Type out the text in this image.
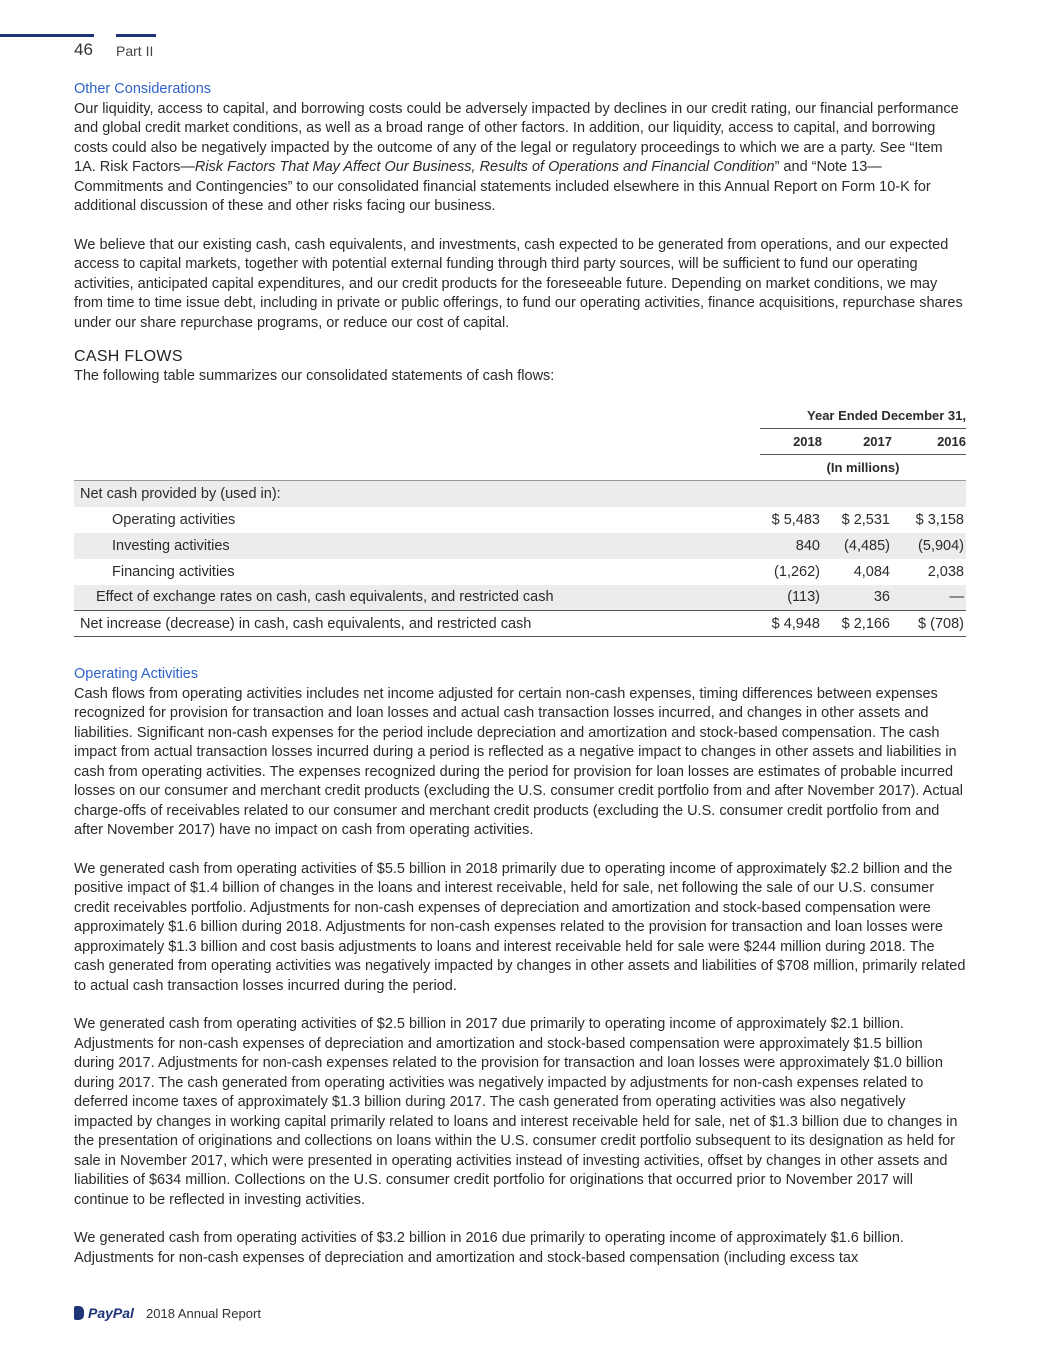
46 Part II
Other Considerations

Our liquidity, access to capital, and borrowing costs could be adversely impacted by declines in our credit rating, our financial performance and global credit market conditions, as well as a broad range of other factors. In addition, our liquidity, access to capital, and borrowing costs could also be negatively impacted by the outcome of any of the legal or regulatory proceedings to which we are a party. See “Item 1A. Risk Factors—Risk Factors That May Affect Our Business, Results of Operations and Financial Condition” and “Note 13—Commitments and Contingencies” to our consolidated financial statements included elsewhere in this Annual Report on Form 10-K for additional discussion of these and other risks facing our business.

We believe that our existing cash, cash equivalents, and investments, cash expected to be generated from operations, and our expected access to capital markets, together with potential external funding through third party sources, will be sufficient to fund our operating activities, anticipated capital expenditures, and our credit products for the foreseeable future. Depending on market conditions, we may from time to time issue debt, including in private or public offerings, to fund our operating activities, finance acquisitions, repurchase shares under our share repurchase programs, or reduce our cost of capital.

CASH FLOWS

The following table summarizes our consolidated statements of cash flows:

	Year Ended December 31,		
	2018	2017	2016
	(In millions)		
Net cash provided by (used in):			
Operating activities	$ 5,483	$ 2,531	$ 3,158
Investing activities	840	(4,485)	(5,904)
Financing activities	(1,262)	4,084	2,038
Effect of exchange rates on cash, cash equivalents, and restricted cash	(113)	36	—
Net increase (decrease) in cash, cash equivalents, and restricted cash	$ 4,948	$ 2,166	$ (708)
Operating Activities

Cash flows from operating activities includes net income adjusted for certain non-cash expenses, timing differences between expenses recognized for provision for transaction and loan losses and actual cash transaction losses incurred, and changes in other assets and liabilities. Significant non-cash expenses for the period include depreciation and amortization and stock-based compensation. The cash impact from actual transaction losses incurred during a period is reflected as a negative impact to changes in other assets and liabilities in cash from operating activities. The expenses recognized during the period for provision for loan losses are estimates of probable incurred losses on our consumer and merchant credit products (excluding the U.S. consumer credit portfolio from and after November 2017). Actual charge-offs of receivables related to our consumer and merchant credit products (excluding the U.S. consumer credit portfolio from and after November 2017) have no impact on cash from operating activities.

We generated cash from operating activities of $5.5 billion in 2018 primarily due to operating income of approximately $2.2 billion and the positive impact of $1.4 billion of changes in the loans and interest receivable, held for sale, net following the sale of our U.S. consumer credit receivables portfolio. Adjustments for non-cash expenses of depreciation and amortization and stock-based compensation were approximately $1.6 billion during 2018. Adjustments for non-cash expenses related to the provision for transaction and loan losses were approximately $1.3 billion and cost basis adjustments to loans and interest receivable held for sale were $244 million during 2018. The cash generated from operating activities was negatively impacted by changes in other assets and liabilities of $708 million, primarily related to actual cash transaction losses incurred during the period.

We generated cash from operating activities of $2.5 billion in 2017 due primarily to operating income of approximately $2.1 billion. Adjustments for non-cash expenses of depreciation and amortization and stock-based compensation were approximately $1.5 billion during 2017. Adjustments for non-cash expenses related to the provision for transaction and loan losses were approximately $1.0 billion during 2017. The cash generated from operating activities was negatively impacted by adjustments for non-cash expenses related to deferred income taxes of approximately $1.3 billion during 2017. The cash generated from operating activities was also negatively impacted by changes in working capital primarily related to loans and interest receivable held for sale, net of $1.3 billion due to changes in the presentation of originations and collections on loans within the U.S. consumer credit portfolio subsequent to its designation as held for sale in November 2017, which were presented in operating activities instead of investing activities, offset by changes in other assets and liabilities of $634 million. Collections on the U.S. consumer credit portfolio for originations that occurred prior to November 2017 will continue to be reflected in investing activities.

We generated cash from operating activities of $3.2 billion in 2016 due primarily to operating income of approximately $1.6 billion. Adjustments for non-cash expenses of depreciation and amortization and stock-based compensation (including excess tax

PayPal 2018 Annual Report
